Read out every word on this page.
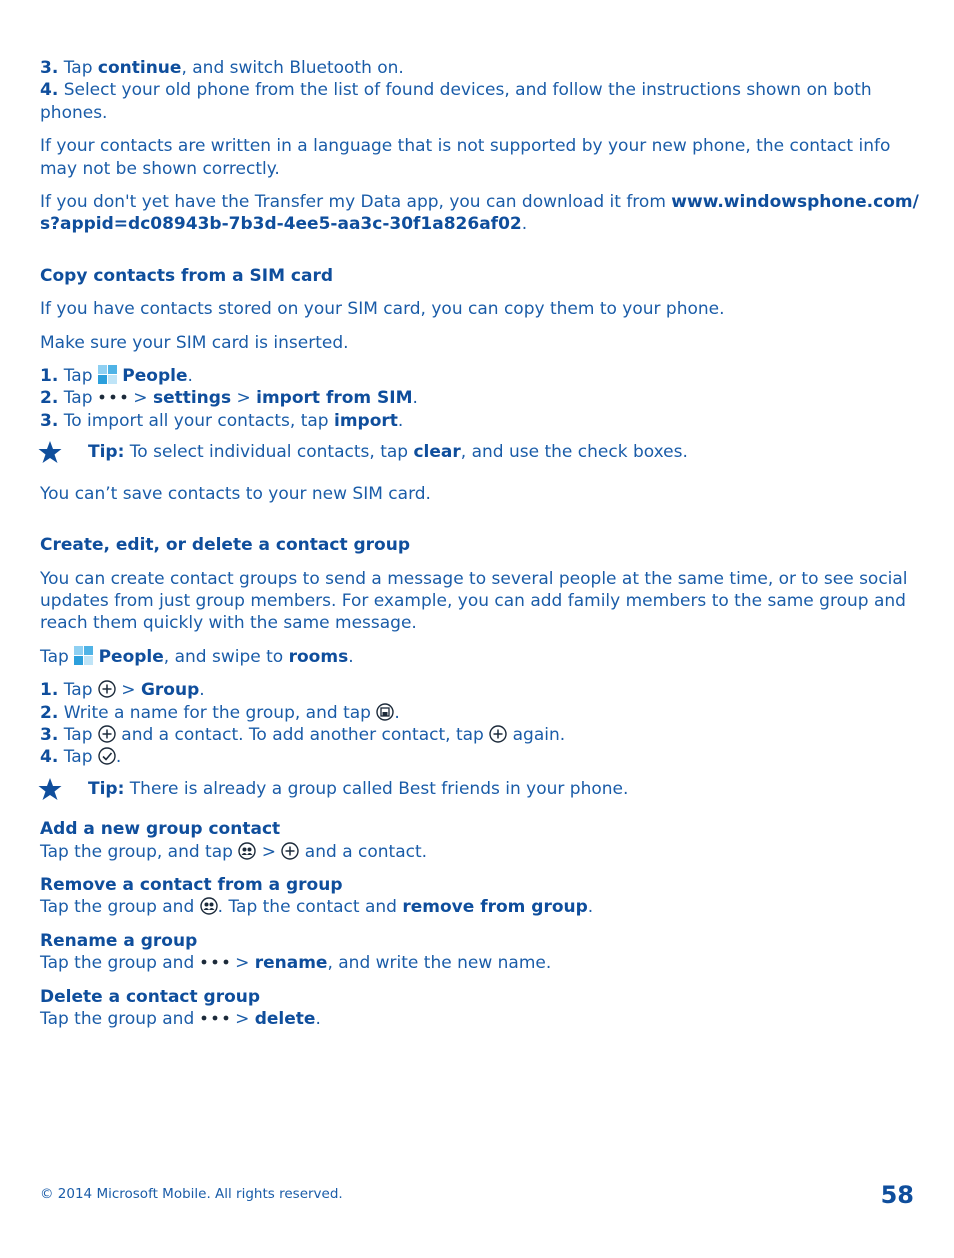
3. Tap continue, and switch Bluetooth on.

4. Select your old phone from the list of found devices, and follow the instructions shown on both phones.

If your contacts are written in a language that is not supported by your new phone, the contact info may not be shown correctly.

If you don't yet have the Transfer my Data app, you can download it from www.windowsphone.com/s?appid=dc08943b-7b3d-4ee5-aa3c-30f1a826af02.

Copy contacts from a SIM card

If you have contacts stored on your SIM card, you can copy them to your phone.

Make sure your SIM card is inserted.

1. Tap  People.

2. Tap  > settings > import from SIM.

3. To import all your contacts, tap import.

Tip: To select individual contacts, tap clear, and use the check boxes.

You can’t save contacts to your new SIM card.

Create, edit, or delete a contact group

You can create contact groups to send a message to several people at the same time, or to see social updates from just group members. For example, you can add family members to the same group and reach them quickly with the same message.

Tap  People, and swipe to rooms.

1. Tap  > Group.

2. Write a name for the group, and tap .

3. Tap  and a contact. To add another contact, tap  again.

4. Tap .

Tip: There is already a group called Best friends in your phone.

Add a new group contact

Tap the group, and tap  >  and a contact.

Remove a contact from a group

Tap the group and . Tap the contact and remove from group.

Rename a group

Tap the group and  > rename, and write the new name.

Delete a contact group

Tap the group and  > delete.

© 2014 Microsoft Mobile. All rights reserved.	58
